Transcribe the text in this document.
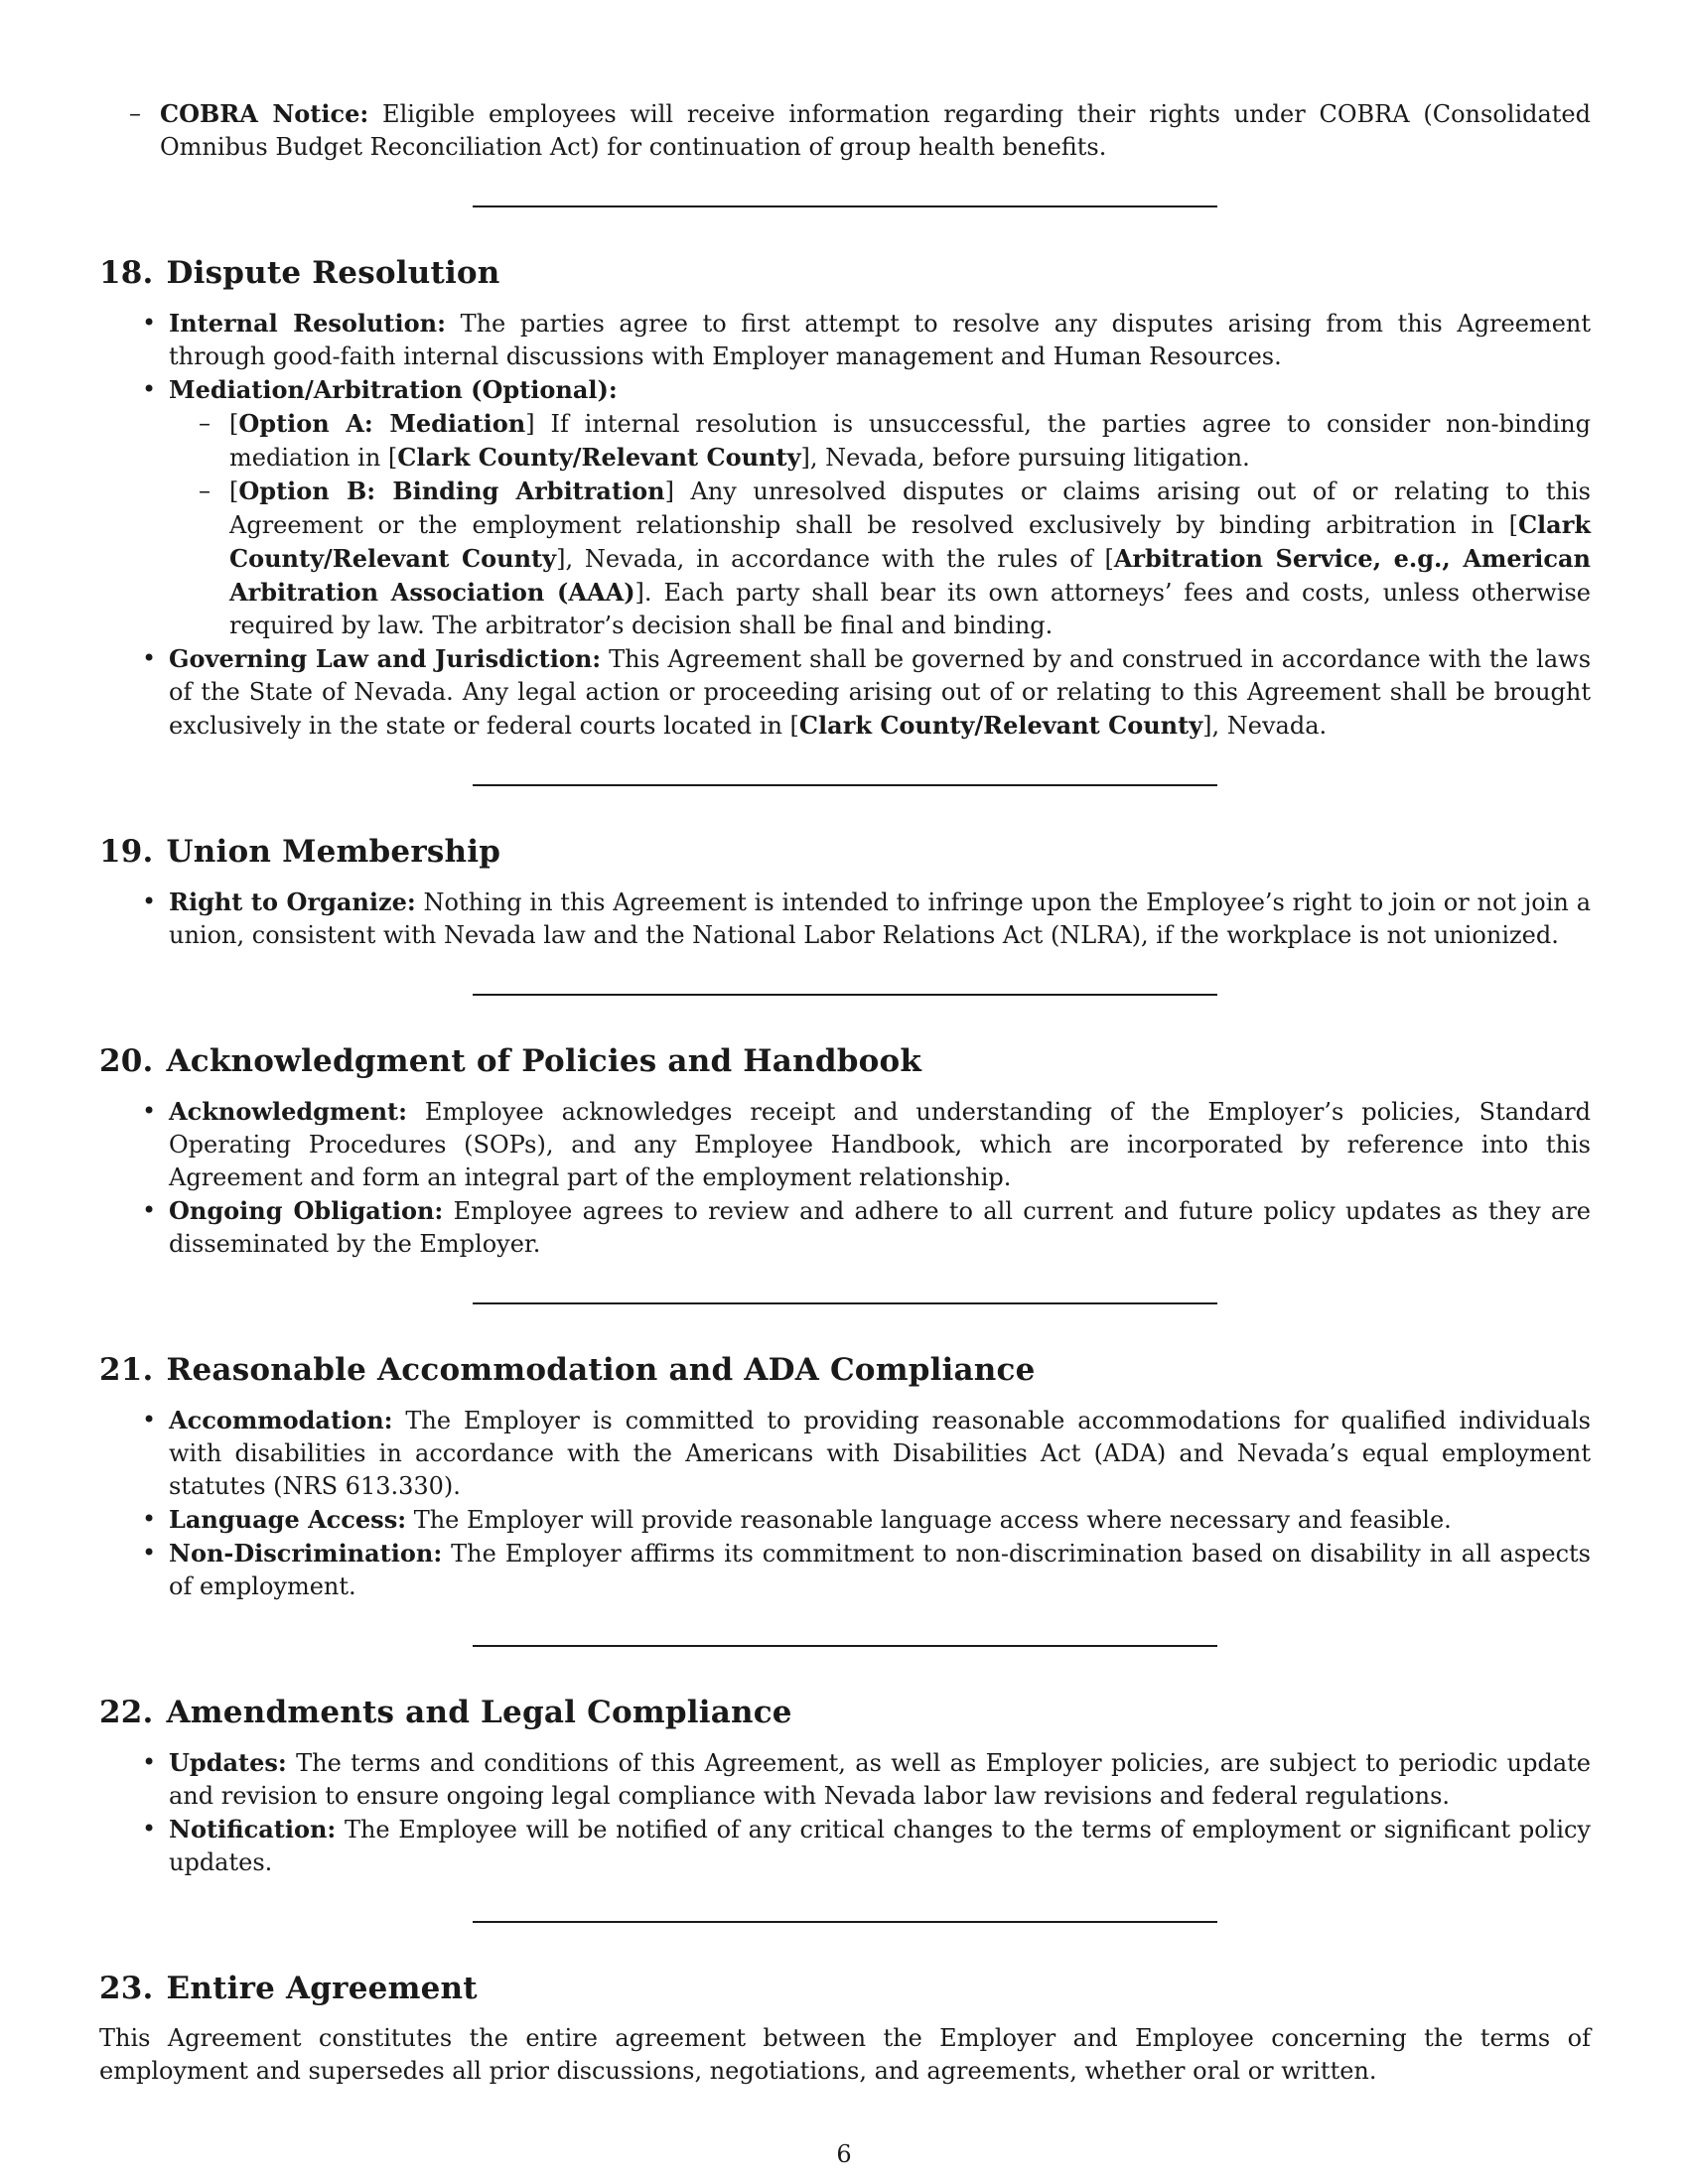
– COBRA Notice: Eligible employees will receive information regarding their rights under COBRA (Consolidated Omnibus Budget Reconciliation Act) for continuation of group health benefits.
18. Dispute Resolution
• Internal Resolution: The parties agree to first attempt to resolve any disputes arising from this Agreement through good-faith internal discussions with Employer management and Human Resources.
• Mediation/Arbitration (Optional):
– [Option A: Mediation] If internal resolution is unsuccessful, the parties agree to consider non-binding mediation in [Clark County/Relevant County], Nevada, before pursuing litigation.
– [Option B: Binding Arbitration] Any unresolved disputes or claims arising out of or relating to this Agreement or the employment relationship shall be resolved exclusively by binding arbitration in [Clark County/Relevant County], Nevada, in accordance with the rules of [Arbitration Service, e.g., American Arbitration Association (AAA)]. Each party shall bear its own attorneys’ fees and costs, unless otherwise required by law. The arbitrator’s decision shall be final and binding.
• Governing Law and Jurisdiction: This Agreement shall be governed by and construed in accordance with the laws of the State of Nevada. Any legal action or proceeding arising out of or relating to this Agreement shall be brought exclusively in the state or federal courts located in [Clark County/Relevant County], Nevada.
19. Union Membership
• Right to Organize: Nothing in this Agreement is intended to infringe upon the Employee’s right to join or not join a union, consistent with Nevada law and the National Labor Relations Act (NLRA), if the workplace is not unionized.
20. Acknowledgment of Policies and Handbook
• Acknowledgment: Employee acknowledges receipt and understanding of the Employer’s policies, Standard Operating Procedures (SOPs), and any Employee Handbook, which are incorporated by reference into this Agreement and form an integral part of the employment relationship.
• Ongoing Obligation: Employee agrees to review and adhere to all current and future policy updates as they are disseminated by the Employer.
21. Reasonable Accommodation and ADA Compliance
• Accommodation: The Employer is committed to providing reasonable accommodations for qualified individuals with disabilities in accordance with the Americans with Disabilities Act (ADA) and Nevada’s equal employment statutes (NRS 613.330).
• Language Access: The Employer will provide reasonable language access where necessary and feasible.
• Non-Discrimination: The Employer affirms its commitment to non-discrimination based on disability in all aspects of employment.
22. Amendments and Legal Compliance
• Updates: The terms and conditions of this Agreement, as well as Employer policies, are subject to periodic update and revision to ensure ongoing legal compliance with Nevada labor law revisions and federal regulations.
• Notification: The Employee will be notified of any critical changes to the terms of employment or significant policy updates.
23. Entire Agreement

This Agreement constitutes the entire agreement between the Employer and Employee concerning the terms of employment and supersedes all prior discussions, negotiations, and agreements, whether oral or written.

6
